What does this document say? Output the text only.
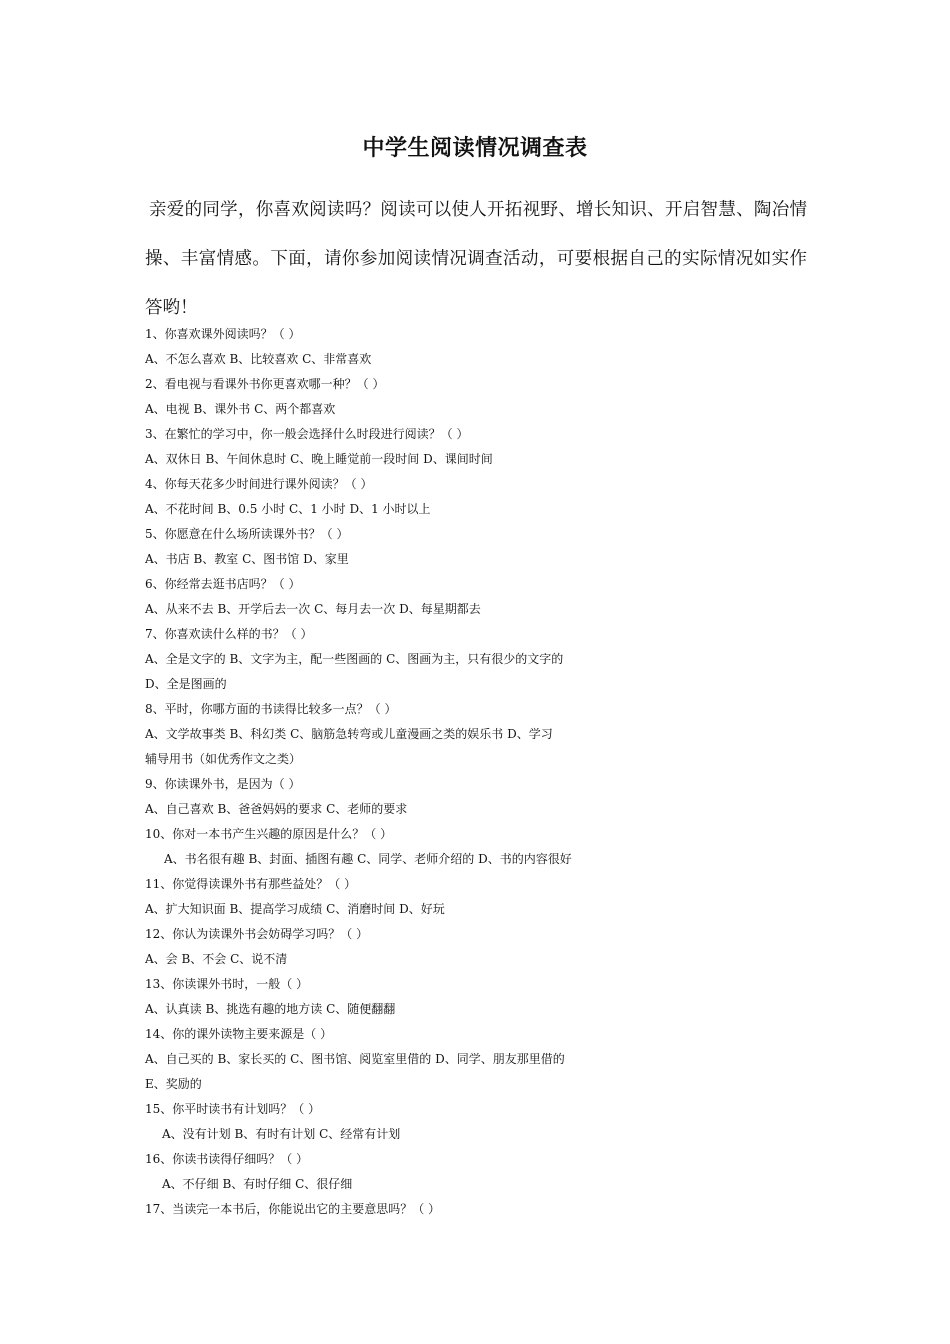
中学生阅读情况调查表
亲爱的同学，你喜欢阅读吗？阅读可以使人开拓视野、增长知识、开启智慧、陶冶情操、丰富情感。下面，请你参加阅读情况调查活动，可要根据自己的实际情况如实作答哟！
1、你喜欢课外阅读吗？（ ）
A、不怎么喜欢 B、比较喜欢 C、非常喜欢
2、看电视与看课外书你更喜欢哪一种？（ ）
A、电视 B、课外书 C、两个都喜欢
3、在繁忙的学习中，你一般会选择什么时段进行阅读？（ ）
A、双休日 B、午间休息时 C、晚上睡觉前一段时间 D、课间时间
4、你每天花多少时间进行课外阅读？（ ）
A、不花时间 B、0.5 小时 C、1 小时 D、1 小时以上
5、你愿意在什么场所读课外书？（ ）
A、书店 B、教室 C、图书馆 D、家里
6、你经常去逛书店吗？（ ）
A、从来不去 B、开学后去一次 C、每月去一次 D、每星期都去
7、你喜欢读什么样的书？（ ）
A、全是文字的 B、文字为主，配一些图画的 C、图画为主，只有很少的文字的
D、全是图画的
8、平时，你哪方面的书读得比较多一点？（ ）
A、文学故事类 B、科幻类 C、脑筋急转弯或儿童漫画之类的娱乐书 D、学习
辅导用书（如优秀作文之类）
9、你读课外书，是因为（ ）
A、自己喜欢 B、爸爸妈妈的要求 C、老师的要求
10、你对一本书产生兴趣的原因是什么？（ ）
A、书名很有趣 B、封面、插图有趣 C、同学、老师介绍的 D、书的内容很好
11、你觉得读课外书有那些益处？（ ）
A、扩大知识面 B、提高学习成绩 C、消磨时间 D、好玩
12、你认为读课外书会妨碍学习吗？（ ）
A、会 B、不会 C、说不清
13、你读课外书时，一般（ ）
A、认真读 B、挑选有趣的地方读 C、随便翻翻
14、你的课外读物主要来源是（ ）
A、自己买的 B、家长买的 C、图书馆、阅览室里借的 D、同学、朋友那里借的
E、奖励的
15、你平时读书有计划吗？（ ）
A、没有计划 B、有时有计划 C、经常有计划
16、你读书读得仔细吗？（ ）
A、不仔细 B、有时仔细 C、很仔细
17、当读完一本书后，你能说出它的主要意思吗？（ ）
